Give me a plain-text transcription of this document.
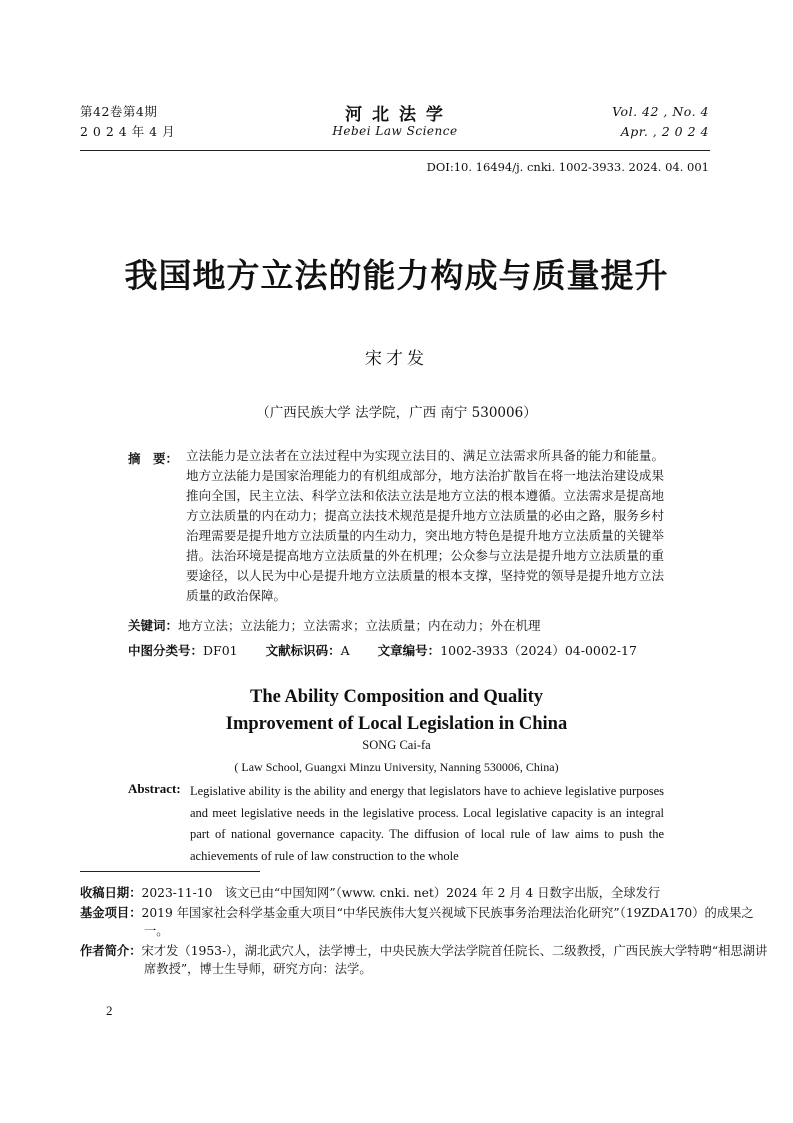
第42卷第4期
2 0 2 4 年 4 月
河 北 法 学
Hebei Law Science
Vol. 42 , No. 4
Apr. , 2 0 2 4
DOI:10. 16494/j. cnki. 1002-3933. 2024. 04. 001
我国地方立法的能力构成与质量提升
宋才发
（广西民族大学 法学院，广西 南宁 530006）
摘　要： 立法能力是立法者在立法过程中为实现立法目的、满足立法需求所具备的能力和能量。地方立法能力是国家治理能力的有机组成部分，地方法治扩散旨在将一地法治建设成果推向全国，民主立法、科学立法和依法立法是地方立法的根本遵循。立法需求是提高地方立法质量的内在动力；提高立法技术规范是提升地方立法质量的必由之路，服务乡村治理需要是提升地方立法质量的内生动力，突出地方特色是提升地方立法质量的关键举措。法治环境是提高地方立法质量的外在机理；公众参与立法是提升地方立法质量的重要途径，以人民为中心是提升地方立法质量的根本支撑，坚持党的领导是提升地方立法质量的政治保障。

关键词：地方立法；立法能力；立法需求；立法质量；内在动力；外在机理
中图分类号：DF01 文献标识码：A 文章编号：1002-3933（2024）04-0002-17
The Ability Composition and Quality
Improvement of Local Legislation in China
SONG Cai-fa
( Law School, Guangxi Minzu University, Nanning 530006, China)
Abstract: Legislative ability is the ability and energy that legislators have to achieve legislative purposes and meet legislative needs in the legislative process. Local legislative capacity is an integral part of national governance capacity. The diffusion of local rule of law aims to push the achievements of rule of law construction to the whole

收稿日期：2023-11-10　该文已由“中国知网”（www. cnki. net）2024 年 2 月 4 日数字出版，全球发行
基金项目：2019 年国家社会科学基金重大项目“中华民族伟大复兴视域下民族事务治理法治化研究”（19ZDA170）的成果之一。
作者简介：宋才发（1953-），湖北武穴人，法学博士，中央民族大学法学院首任院长、二级教授，广西民族大学特聘“相思湖讲席教授”，博士生导师，研究方向：法学。
2
